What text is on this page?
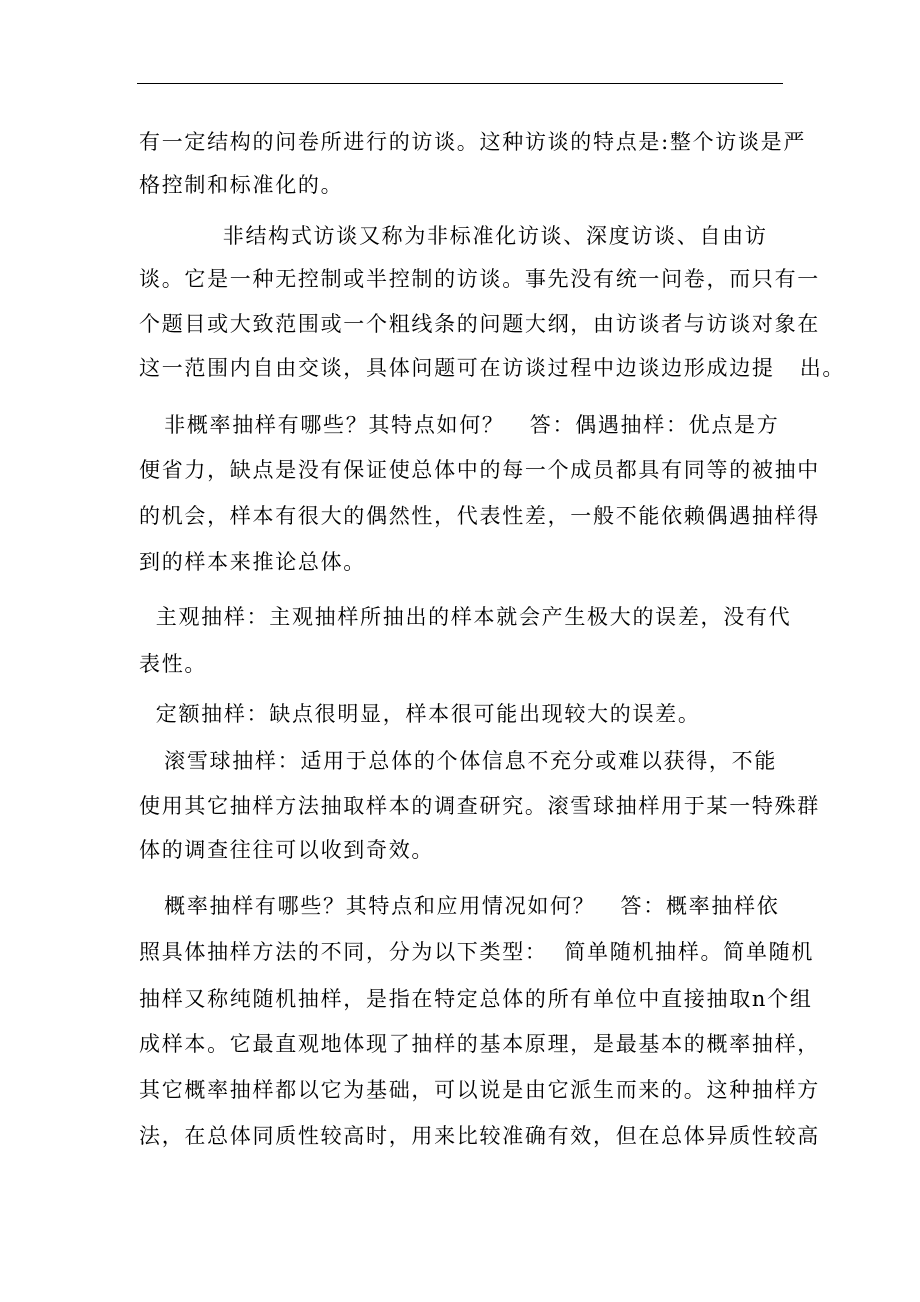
有一定结构的问卷所进行的访谈。这种访谈的特点是:整个访谈是严
格控制和标准化的。
非结构式访谈又称为非标准化访谈、深度访谈、自由访
谈。它是一种无控制或半控制的访谈。事先没有统一问卷，而只有一
个题目或大致范围或一个粗线条的问题大纲，由访谈者与访谈对象在
这一范围内自由交谈，具体问题可在访谈过程中边谈边形成边提   出。
非概率抽样有哪些？其特点如何？   答：偶遇抽样：优点是方
便省力，缺点是没有保证使总体中的每一个成员都具有同等的被抽中
的机会，样本有很大的偶然性，代表性差，一般不能依赖偶遇抽样得
到的样本来推论总体。
主观抽样：主观抽样所抽出的样本就会产生极大的误差，没有代
表性。
定额抽样：缺点很明显，样本很可能出现较大的误差。
滚雪球抽样：适用于总体的个体信息不充分或难以获得，不能
使用其它抽样方法抽取样本的调查研究。滚雪球抽样用于某一特殊群
体的调查往往可以收到奇效。
概率抽样有哪些？其特点和应用情况如何？   答：概率抽样依
照具体抽样方法的不同，分为以下类型：  简单随机抽样。简单随机
抽样又称纯随机抽样，是指在特定总体的所有单位中直接抽取n个组
成样本。它最直观地体现了抽样的基本原理，是最基本的概率抽样，
其它概率抽样都以它为基础，可以说是由它派生而来的。这种抽样方
法，在总体同质性较高时，用来比较准确有效，但在总体异质性较高
